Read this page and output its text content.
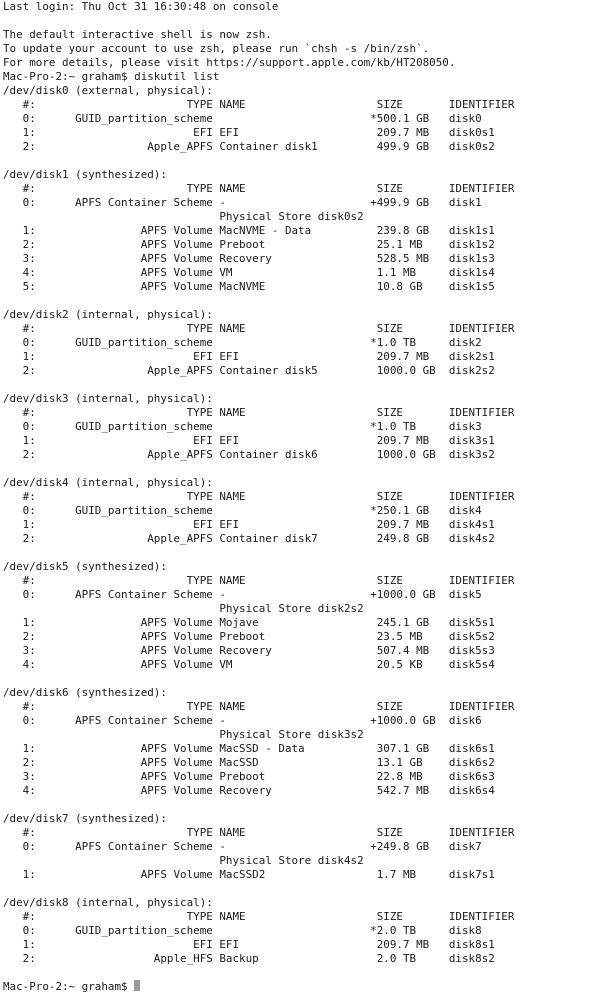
Last login: Thu Oct 31 16:30:48 on console
The default interactive shell is now zsh.
To update your account to use zsh, please run `chsh -s /bin/zsh`.
For more details, please visit https://support.apple.com/kb/HT208050.
Mac-Pro-2:~ graham$ diskutil list
/dev/disk0 (external, physical):
#:                       TYPE NAME                    SIZE       IDENTIFIER
0:      GUID_partition_scheme                        *500.1 GB   disk0
1:                        EFI EFI                     209.7 MB   disk0s1
2:                 Apple_APFS Container disk1         499.9 GB   disk0s2
/dev/disk1 (synthesized):
#:                       TYPE NAME                    SIZE       IDENTIFIER
0:      APFS Container Scheme -                      +499.9 GB   disk1
Physical Store disk0s2
1:                APFS Volume MacNVME - Data          239.8 GB   disk1s1
2:                APFS Volume Preboot                 25.1 MB    disk1s2
3:                APFS Volume Recovery                528.5 MB   disk1s3
4:                APFS Volume VM                      1.1 MB     disk1s4
5:                APFS Volume MacNVME                 10.8 GB    disk1s5
/dev/disk2 (internal, physical):
#:                       TYPE NAME                    SIZE       IDENTIFIER
0:      GUID_partition_scheme                        *1.0 TB     disk2
1:                        EFI EFI                     209.7 MB   disk2s1
2:                 Apple_APFS Container disk5         1000.0 GB  disk2s2
/dev/disk3 (internal, physical):
#:                       TYPE NAME                    SIZE       IDENTIFIER
0:      GUID_partition_scheme                        *1.0 TB     disk3
1:                        EFI EFI                     209.7 MB   disk3s1
2:                 Apple_APFS Container disk6         1000.0 GB  disk3s2
/dev/disk4 (internal, physical):
#:                       TYPE NAME                    SIZE       IDENTIFIER
0:      GUID_partition_scheme                        *250.1 GB   disk4
1:                        EFI EFI                     209.7 MB   disk4s1
2:                 Apple_APFS Container disk7         249.8 GB   disk4s2
/dev/disk5 (synthesized):
#:                       TYPE NAME                    SIZE       IDENTIFIER
0:      APFS Container Scheme -                      +1000.0 GB  disk5
Physical Store disk2s2
1:                APFS Volume Mojave                  245.1 GB   disk5s1
2:                APFS Volume Preboot                 23.5 MB    disk5s2
3:                APFS Volume Recovery                507.4 MB   disk5s3
4:                APFS Volume VM                      20.5 KB    disk5s4
/dev/disk6 (synthesized):
#:                       TYPE NAME                    SIZE       IDENTIFIER
0:      APFS Container Scheme -                      +1000.0 GB  disk6
Physical Store disk3s2
1:                APFS Volume MacSSD - Data           307.1 GB   disk6s1
2:                APFS Volume MacSSD                  13.1 GB    disk6s2
3:                APFS Volume Preboot                 22.8 MB    disk6s3
4:                APFS Volume Recovery                542.7 MB   disk6s4
/dev/disk7 (synthesized):
#:                       TYPE NAME                    SIZE       IDENTIFIER
0:      APFS Container Scheme -                      +249.8 GB   disk7
Physical Store disk4s2
1:                APFS Volume MacSSD2                 1.7 MB     disk7s1
/dev/disk8 (internal, physical):
#:                       TYPE NAME                    SIZE       IDENTIFIER
0:      GUID_partition_scheme                        *2.0 TB     disk8
1:                        EFI EFI                     209.7 MB   disk8s1
2:                  Apple_HFS Backup                  2.0 TB     disk8s2
Mac-Pro-2:~ graham$
